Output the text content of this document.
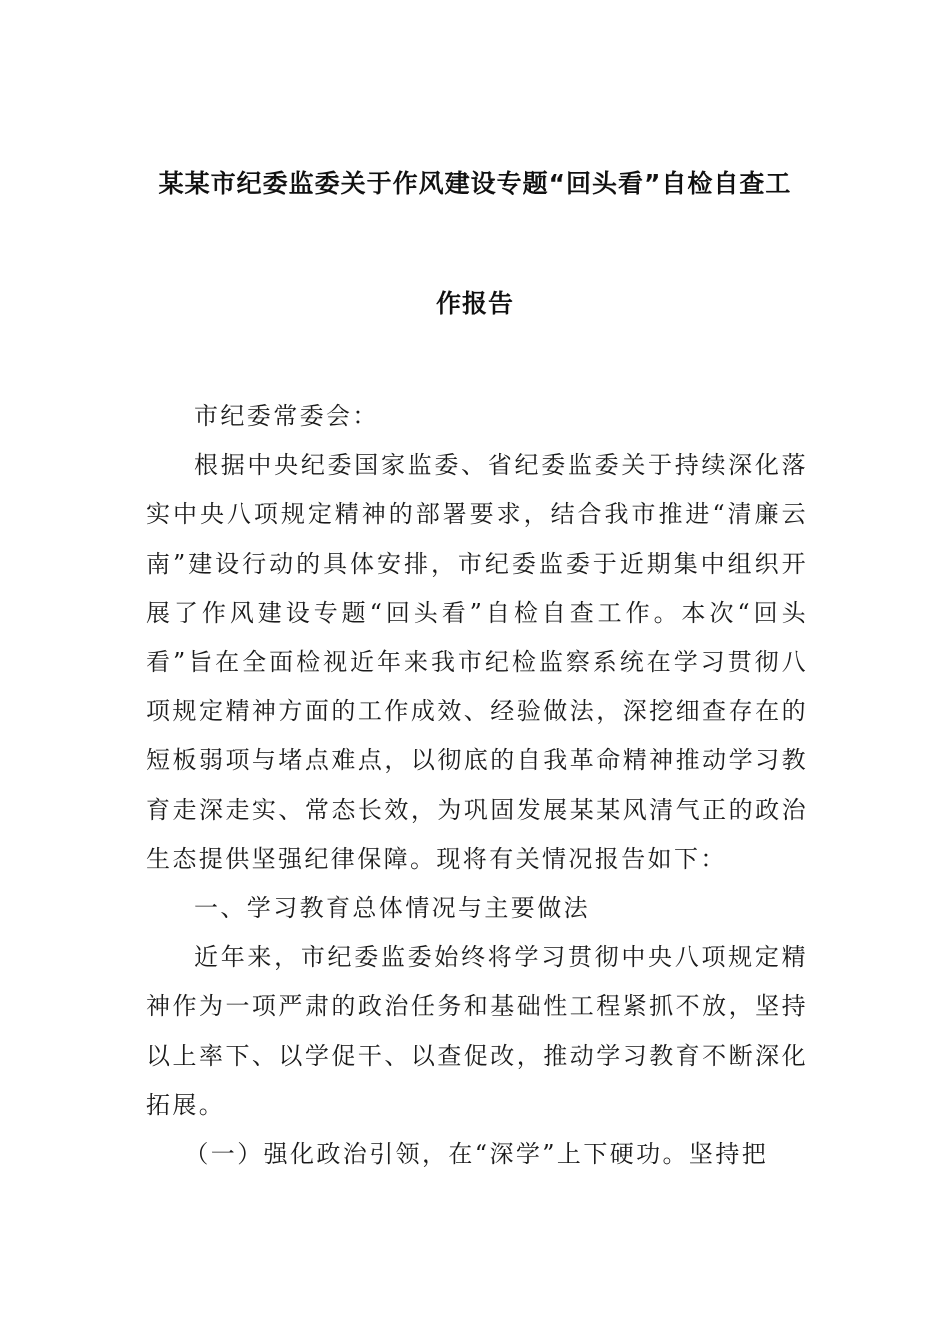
某某市纪委监委关于作风建设专题“回头看”自检自查工
作报告

市纪委常委会：

根据中央纪委国家监委、省纪委监委关于持续深化落实中央八项规定精神的部署要求，结合我市推进“清廉云南”建设行动的具体安排，市纪委监委于近期集中组织开展了作风建设专题“回头看”自检自查工作。本次“回头看”旨在全面检视近年来我市纪检监察系统在学习贯彻八项规定精神方面的工作成效、经验做法，深挖细查存在的短板弱项与堵点难点，以彻底的自我革命精神推动学习教育走深走实、常态长效，为巩固发展某某风清气正的政治生态提供坚强纪律保障。现将有关情况报告如下：

一、学习教育总体情况与主要做法

近年来，市纪委监委始终将学习贯彻中央八项规定精神作为一项严肃的政治任务和基础性工程紧抓不放，坚持以上率下、以学促干、以查促改，推动学习教育不断深化拓展。

（一）强化政治引领，在“深学”上下硬功。坚持把
